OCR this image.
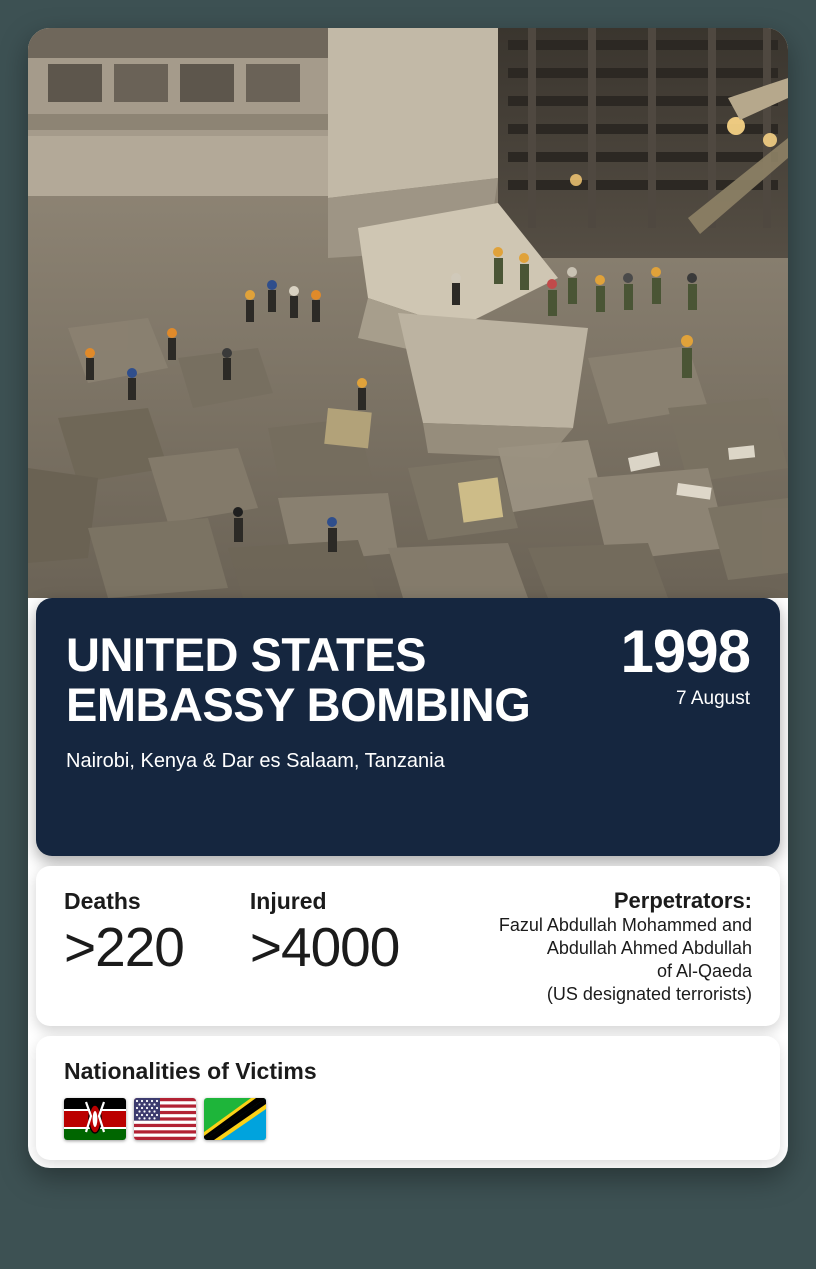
1998
7 August
UNITED STATES
EMBASSY BOMBING
Nairobi, Kenya & Dar es Salaam, Tanzania
Deaths
>220
Injured
>4000
Perpetrators:
Fazul Abdullah Mohammed and
Abdullah Ahmed Abdullah
of Al-Qaeda
(US designated terrorists)
Nationalities of Victims
